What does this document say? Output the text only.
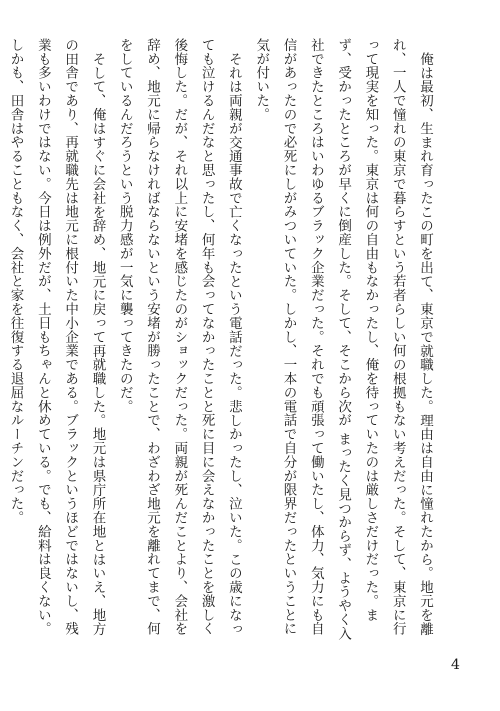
俺は最初、生まれ育ったこの町を出て、東京で就職した。理由は自由に憧れたから。地元を離れ、一人で憧れの東京で暮らすという若者らしい何の根拠もない考えだった。そして、東京に行って現実を知った。東京は何の自由もなかったし、俺を待っていたのは厳しさだけだった。まず、受かったところが早くに倒産した。そして、そこから次が まったく見つからず、ようやく入社できたところはいわゆるブラック企業だった。それでも頑張って働いたし、体力、気力にも自信があったので必死にしがみついていた。しかし、一本の電話で自分が限界だったということに気が付いた。

それは両親が交通事故で亡くなったという電話だった。悲しかったし、泣いた。この歳になっても泣けるんだなと思ったし、何年も会ってなかったことと死に目に会えなかったことを激しく後悔した。だが、それ以上に安堵を感じたのがショックだった。両親が死んだことより、会社を辞め、地元に帰らなければならないという安堵が勝ったことで、わざわざ地元を離れてまで、何をしているんだろうという脱力感が一気に襲ってきたのだ。

そして、俺はすぐに会社を辞め、地元に戻って再就職した。地元は県庁所在地とはいえ、地方の田舎であり、再就職先は地元に根付いた中小企業である。ブラックというほどではないし、残業も多いわけではない。今日は例外だが、土日もちゃんと休めている。でも、給料は良くない。しかも、田舎はやることもなく、会社と家を往復する退屈なルーチンだった。

4
